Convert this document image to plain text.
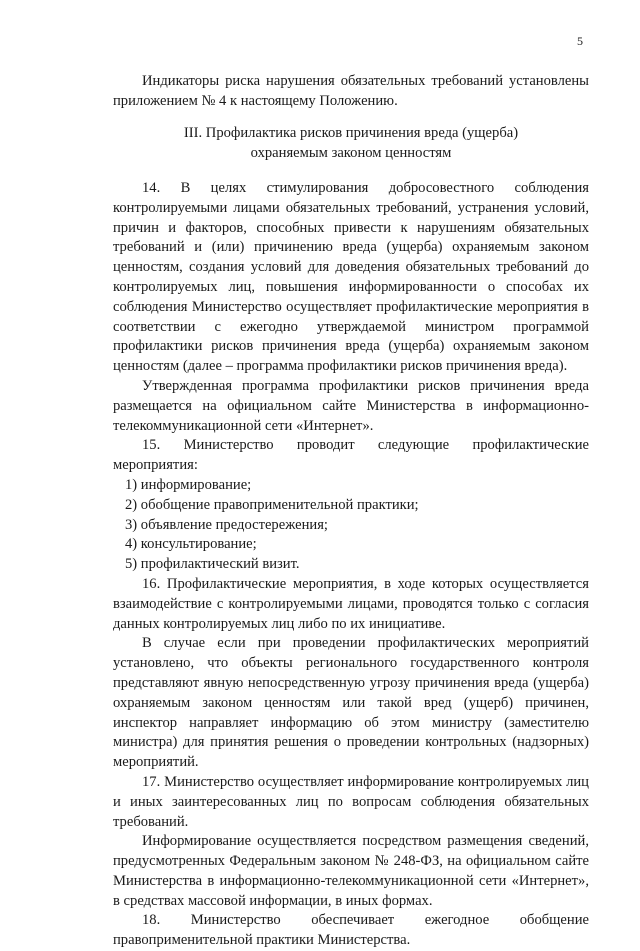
5

Индикаторы риска нарушения обязательных требований установлены приложением № 4 к настоящему Положению.

III. Профилактика рисков причинения вреда (ущерба)
охраняемым законом ценностям

14. В целях стимулирования добросовестного соблюдения контролируемыми лицами обязательных требований, устранения условий, причин и факторов, способных привести к нарушениям обязательных требований и (или) причинению вреда (ущерба) охраняемым законом ценностям, создания условий для доведения обязательных требований до контролируемых лиц, повышения информированности о способах их соблюдения Министерство осуществляет профилактические мероприятия в соответствии с ежегодно утверждаемой министром программой профилактики рисков причинения вреда (ущерба) охраняемым законом ценностям (далее – программа профилактики рисков причинения вреда).

Утвержденная программа профилактики рисков причинения вреда размещается на официальном сайте Министерства в информационно- телекоммуникационной сети «Интернет».

15. Министерство проводит следующие профилактические мероприятия:

1) информирование;

2) обобщение правоприменительной практики;

3) объявление предостережения;

4) консультирование;

5) профилактический визит.

16. Профилактические мероприятия, в ходе которых осуществляется взаимодействие с контролируемыми лицами, проводятся только с согласия данных контролируемых лиц либо по их инициативе.

В случае если при проведении профилактических мероприятий установлено, что объекты регионального государственного контроля представляют явную непосредственную угрозу причинения вреда (ущерба) охраняемым законом ценностям или такой вред (ущерб) причинен, инспектор направляет информацию об этом министру (заместителю министра) для принятия решения о проведении контрольных (надзорных) мероприятий.

17. Министерство осуществляет информирование контролируемых лиц и иных заинтересованных лиц по вопросам соблюдения обязательных требований.

Информирование осуществляется посредством размещения сведений, предусмотренных Федеральным законом № 248-ФЗ, на официальном сайте Министерства в информационно-телекоммуникационной сети «Интернет», в средствах массовой информации, в иных формах.

18. Министерство обеспечивает ежегодное обобщение правоприменительной практики Министерства.
